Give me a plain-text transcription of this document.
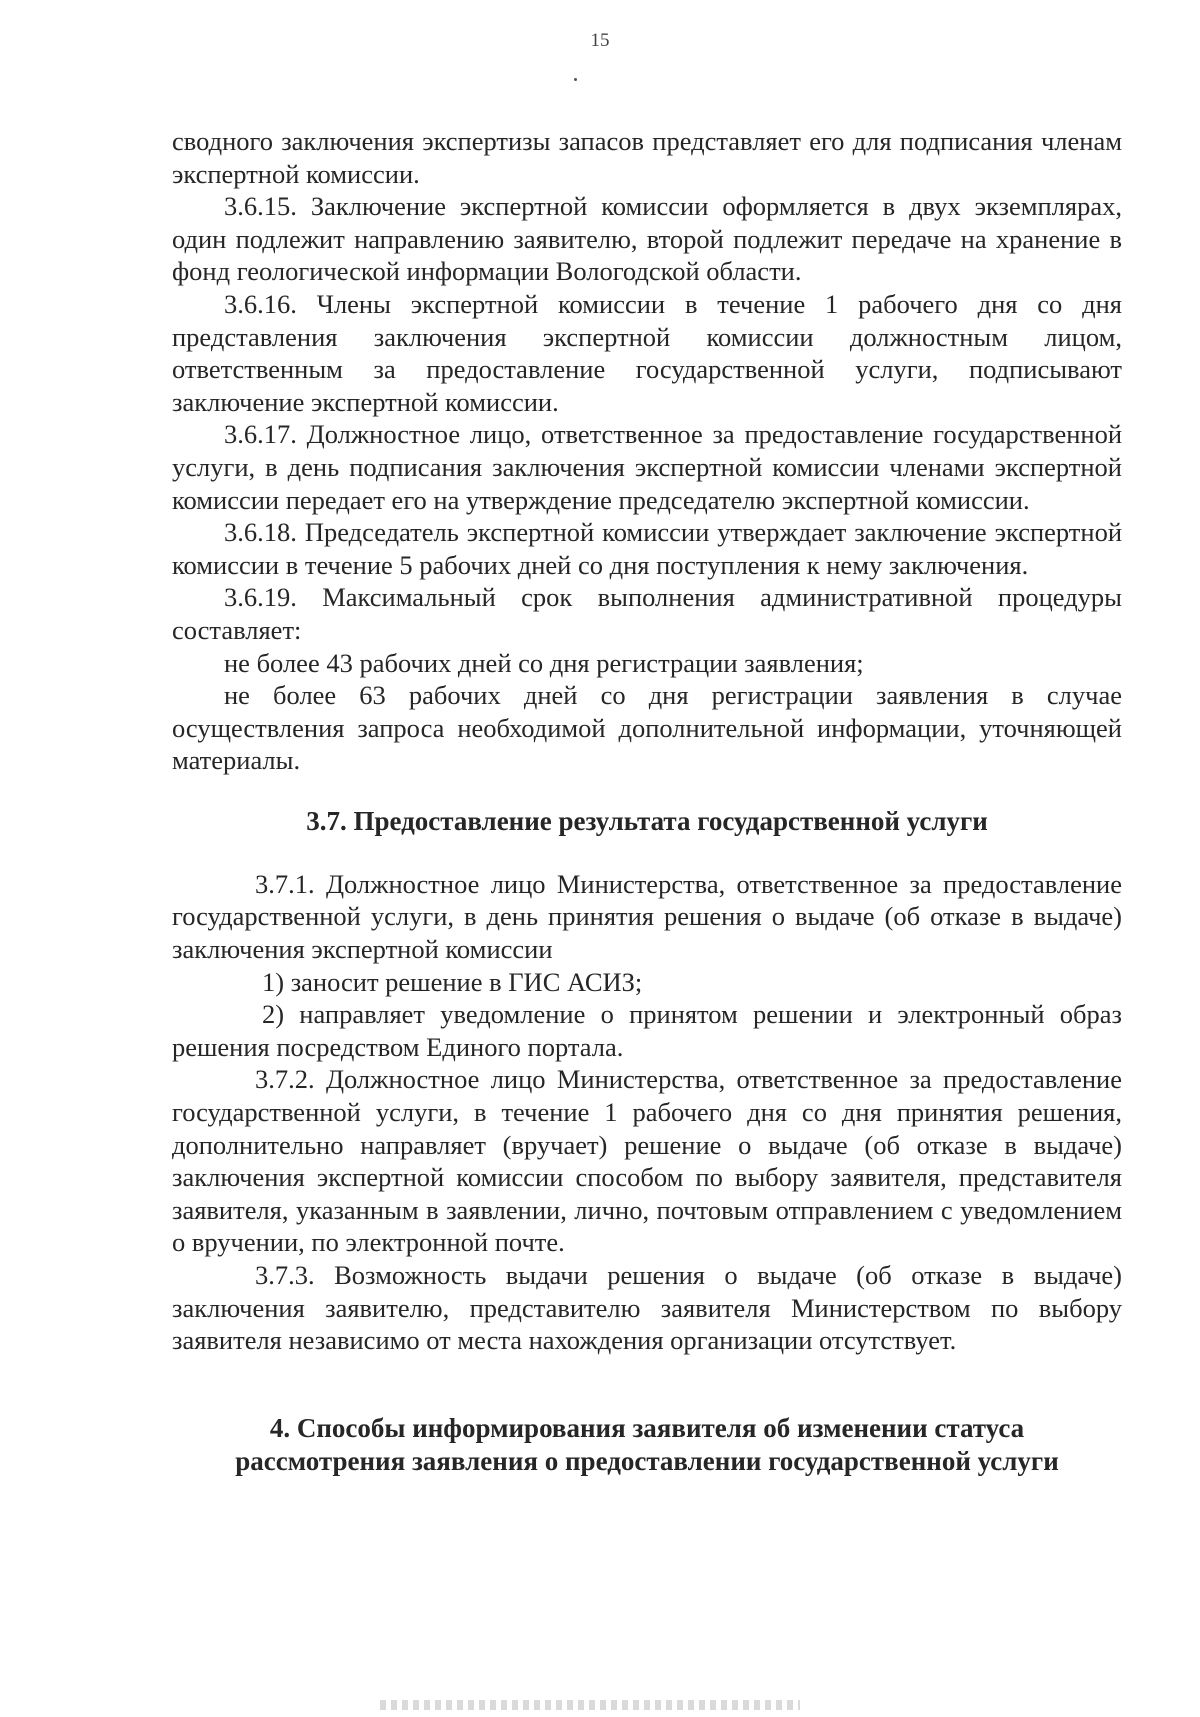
15

сводного заключения экспертизы запасов представляет его для подписания членам экспертной комиссии.

3.6.15. Заключение экспертной комиссии оформляется в двух экземплярах, один подлежит направлению заявителю, второй подлежит передаче на хранение в фонд геологической информации Вологодской области.

3.6.16. Члены экспертной комиссии в течение 1 рабочего дня со дня представления заключения экспертной комиссии должностным лицом, ответственным за предоставление государственной услуги, подписывают заключение экспертной комиссии.

3.6.17. Должностное лицо, ответственное за предоставление государственной услуги, в день подписания заключения экспертной комиссии членами экспертной комиссии передает его на утверждение председателю экспертной комиссии.

3.6.18. Председатель экспертной комиссии утверждает заключение экспертной комиссии в течение 5 рабочих дней со дня поступления к нему заключения.

3.6.19. Максимальный срок выполнения административной процедуры составляет:

не более 43 рабочих дней со дня регистрации заявления;

не более 63 рабочих дней со дня регистрации заявления в случае осуществления запроса необходимой дополнительной информации, уточняющей материалы.

3.7. Предоставление результата государственной услуги

3.7.1. Должностное лицо Министерства, ответственное за предоставление государственной услуги, в день принятия решения о выдаче (об отказе в выдаче) заключения экспертной комиссии

1) заносит решение в ГИС АСИЗ;

2) направляет уведомление о принятом решении и электронный образ решения посредством Единого портала.

3.7.2. Должностное лицо Министерства, ответственное за предоставление государственной услуги, в течение 1 рабочего дня со дня принятия решения, дополнительно направляет (вручает) решение о выдаче (об отказе в выдаче) заключения экспертной комиссии способом по выбору заявителя, представителя заявителя, указанным в заявлении, лично, почтовым отправлением с уведомлением о вручении, по электронной почте.

3.7.3. Возможность выдачи решения о выдаче (об отказе в выдаче) заключения заявителю, представителю заявителя Министерством по выбору заявителя независимо от места нахождения организации отсутствует.

4. Способы информирования заявителя об изменении статуса
рассмотрения заявления о предоставлении государственной услуги
